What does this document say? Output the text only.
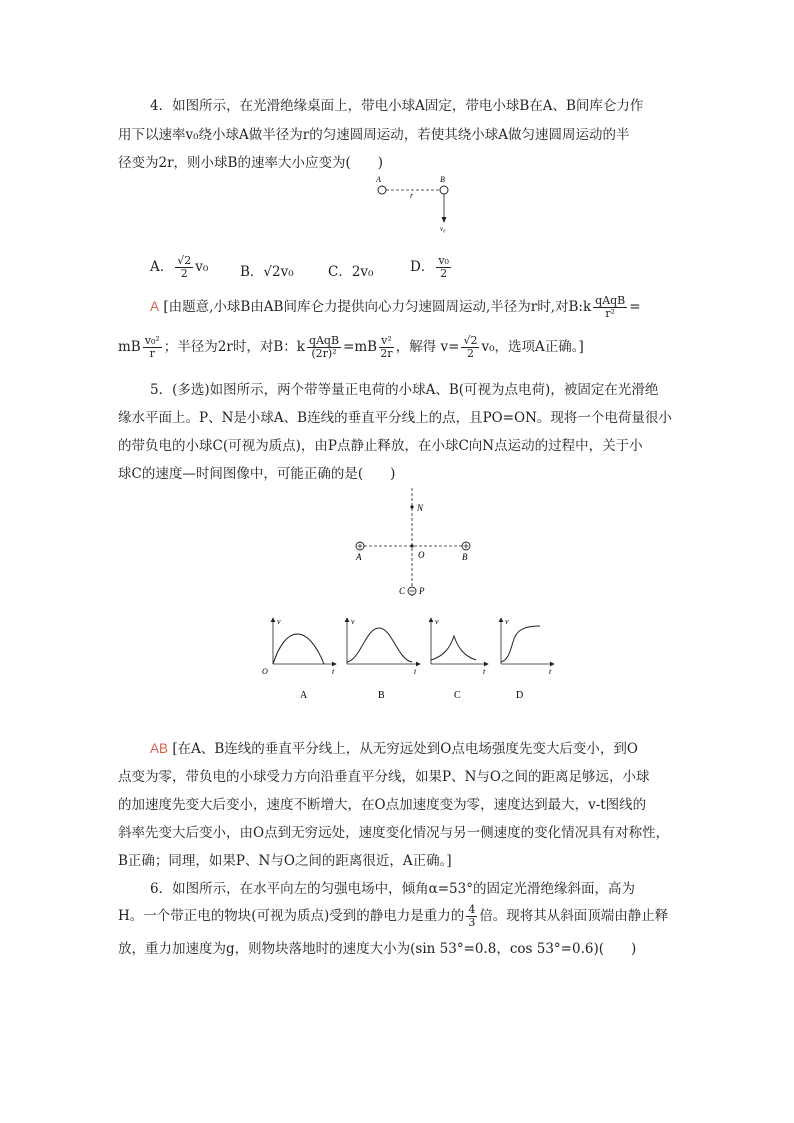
4．如图所示，在光滑绝缘桌面上，带电小球A固定，带电小球B在A、B间库仑力作
用下以速率v₀绕小球A做半径为r的匀速圆周运动，若使其绕小球A做匀速圆周运动的半
径变为2r，则小球B的速率大小应变为(　　)
A	B
r
v₀
A． $\frac{√2}{2} v_0$ B．√2v₀	C．2v₀	D． $\frac{\text{v₀}}{2}$
A [由题意,小球B由AB间库仑力提供向心力匀速圆周运动,半径为r时,对B:k $\frac{\text{qAqB}}{\text{r²}}$ =
mB $\frac{\text{v₀²}}{r}$ ；半径为2r时，对B：k $\frac{\text{qAqB}}{\text{(2r)²}} =mB \frac{\text{v²}}{2r}$ ，解得 $v= \frac{√2}{2} v_0$，选项A正确。]
5．(多选)如图所示，两个带等量正电荷的小球A、B(可视为点电荷)，被固定在光滑绝
缘水平面上。P、N是小球A、B连线的垂直平分线上的点，且PO=ON。现将一个电荷量很小
的带负电的小球C(可视为质点)，由P点静止释放，在小球C向N点运动的过程中，关于小
球C的速度—时间图像中，可能正确的是(　　)
N
O
A	B
C P
v
t
O
A
v
t
B
v
t
C
v
t
D
AB [在A、B连线的垂直平分线上，从无穷远处到O点电场强度先变大后变小，到O
点变为零，带负电的小球受力方向沿垂直平分线，如果P、N与O之间的距离足够远，小球
的加速度先变大后变小，速度不断增大，在O点加速度变为零，速度达到最大，v-t图线的
斜率先变大后变小，由O点到无穷远处，速度变化情况与另一侧速度的变化情况具有对称性，
B正确；同理，如果P、N与O之间的距离很近，A正确。]
6．如图所示，在水平向左的匀强电场中，倾角α=53°的固定光滑绝缘斜面，高为
H。一个带正电的物块(可视为质点)受到的静电力是重力的 $\frac{4}{3}$ 倍。现将其从斜面顶端由静止释
放，重力加速度为g，则物块落地时的速度大小为(sin 53°=0.8，cos 53°=0.6)(　　)
